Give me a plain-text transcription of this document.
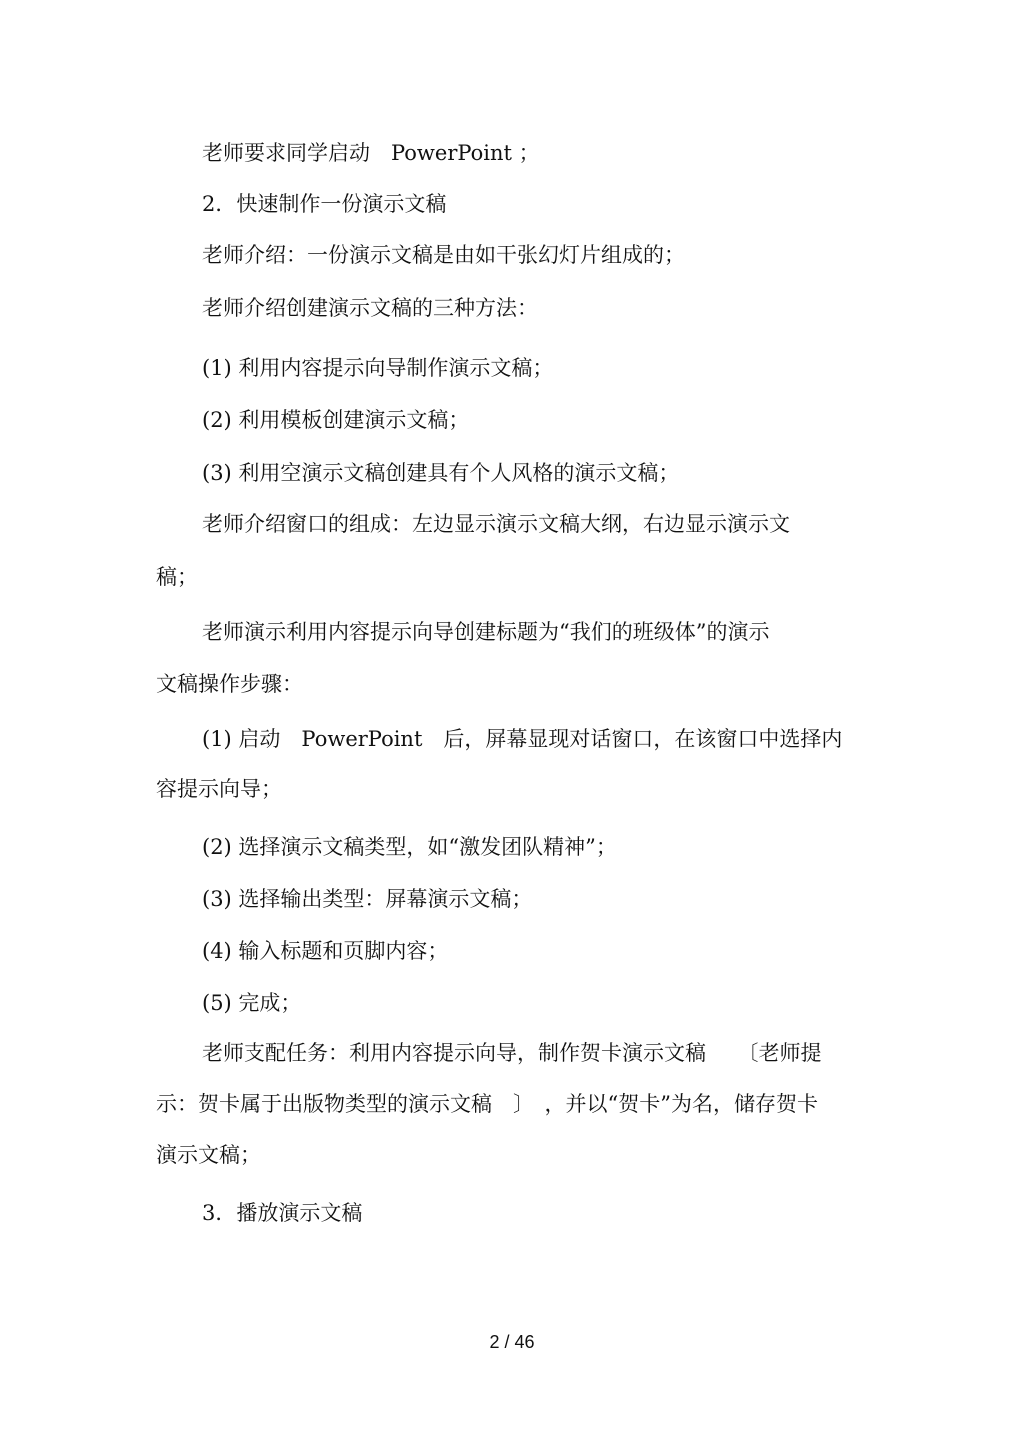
老师要求同学启动　PowerPoint ；
2．快速制作一份演示文稿
老师介绍：一份演示文稿是由如干张幻灯片组成的；
老师介绍创建演示文稿的三种方法：
(1) 利用内容提示向导制作演示文稿；
(2) 利用模板创建演示文稿；
(3) 利用空演示文稿创建具有个人风格的演示文稿；
老师介绍窗口的组成：左边显示演示文稿大纲，右边显示演示文
稿；
老师演示利用内容提示向导创建标题为“我们的班级体”的演示
文稿操作步骤：
(1) 启动　PowerPoint　后，屏幕显现对话窗口，在该窗口中选择内
容提示向导；
(2) 选择演示文稿类型，如“激发团队精神”；
(3) 选择输出类型：屏幕演示文稿；
(4) 输入标题和页脚内容；
(5) 完成；
老师支配任务：利用内容提示向导，制作贺卡演示文稿　　〔老师提
示：贺卡属于出版物类型的演示文稿　〕　，并以“贺卡”为名，储存贺卡
演示文稿；
3．播放演示文稿
2 / 46
